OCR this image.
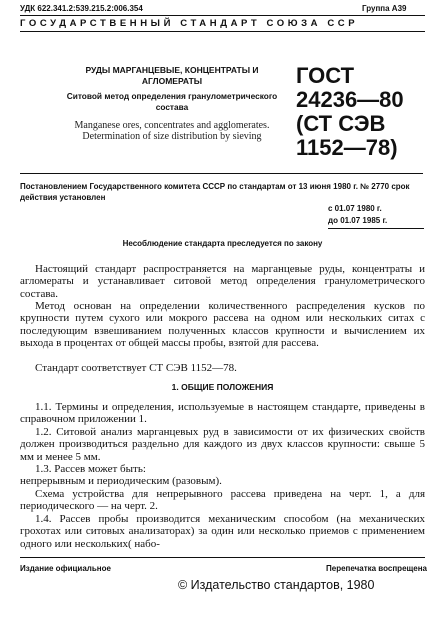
УДК 622.341.2:539.215.2:006.354	Группа А39
ГОСУДАРСТВЕННЫЙ СТАНДАРТ СОЮЗА ССР
РУДЫ МАРГАНЦЕВЫЕ, КОНЦЕНТРАТЫ И АГЛОМЕРАТЫ
Ситовой метод определения гранулометрического состава
Manganese ores, concentrates and agglomerates. Determination of size distribution by sieving
ГОСТ
24236—80
(СТ СЭВ
1152—78)
Постановлением Государственного комитета СССР по стандартам от 13 июня 1980 г. № 2770 срок действия установлен
с 01.07 1980 г.
до 01.07 1985 г.
Несоблюдение стандарта преследуется по закону
Настоящий стандарт распространяется на марганцевые руды, концентраты и агломераты и устанавливает ситовой метод определения гранулометрического состава.
Метод основан на определении количественного распределения кусков по крупности путем сухого или мокрого рассева на одном или нескольких ситах с последующим взвешиванием полученных классов крупности и вычислением их выхода в процентах от общей массы пробы, взятой для рассева.
Стандарт соответствует СТ СЭВ 1152—78.
1. ОБЩИЕ ПОЛОЖЕНИЯ
1.1. Термины и определения, используемые в настоящем стандарте, приведены в справочном приложении 1.
1.2. Ситовой анализ марганцевых руд в зависимости от их физических свойств должен производиться раздельно для каждого из двух классов крупности: свыше 5 мм и менее 5 мм.
1.3. Рассев может быть:
непрерывным и периодическим (разовым).
Схема устройства для непрерывного рассева приведена на черт. 1, а для периодического — на черт. 2.
1.4. Рассев пробы производится механическим способом (на механических грохотах или ситовых анализаторах) за один или несколько приемов с применением одного или нескольких( набо-
Издание официальное	Перепечатка воспрещена
© Издательство стандартов, 1980
